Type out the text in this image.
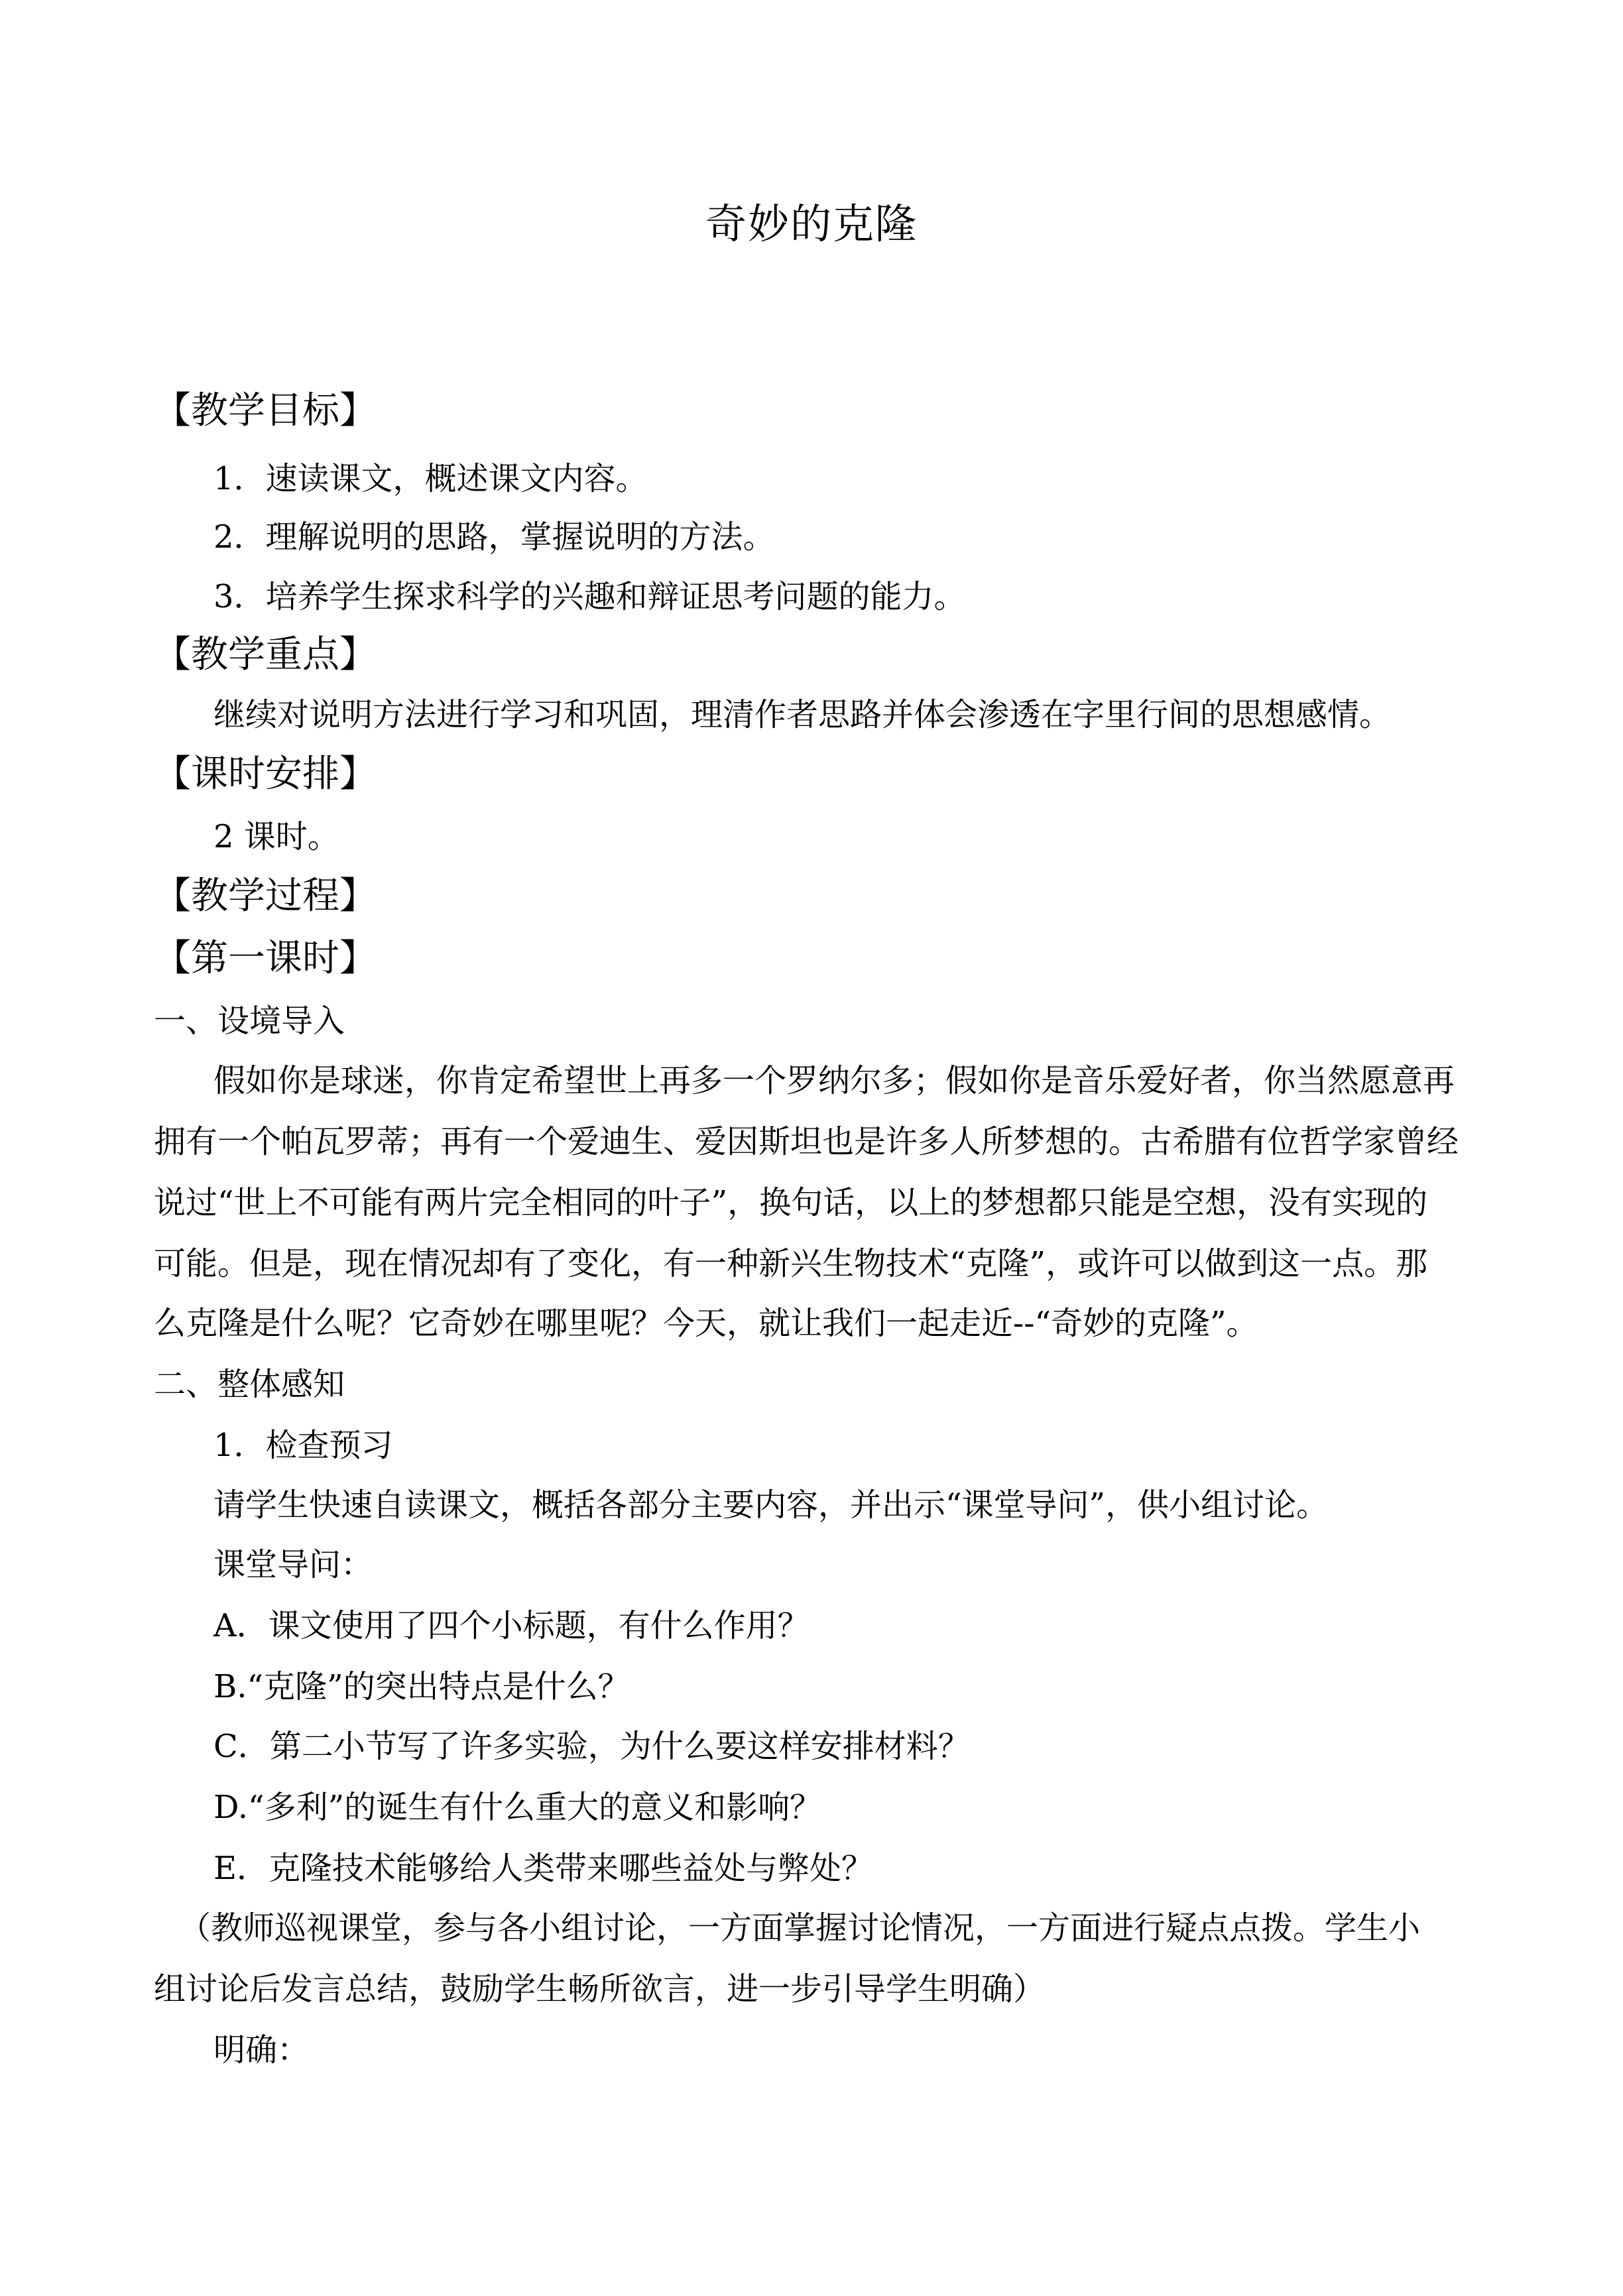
奇妙的克隆
【教学目标】
1．速读课文，概述课文内容。
2．理解说明的思路，掌握说明的方法。
3．培养学生探求科学的兴趣和辩证思考问题的能力。
【教学重点】
继续对说明方法进行学习和巩固，理清作者思路并体会渗透在字里行间的思想感情。
【课时安排】
2 课时。
【教学过程】
【第一课时】
一、设境导入
假如你是球迷，你肯定希望世上再多一个罗纳尔多；假如你是音乐爱好者，你当然愿意再
拥有一个帕瓦罗蒂；再有一个爱迪生、爱因斯坦也是许多人所梦想的。古希腊有位哲学家曾经
说过“世上不可能有两片完全相同的叶子”，换句话，以上的梦想都只能是空想，没有实现的
可能。但是，现在情况却有了变化，有一种新兴生物技术“克隆”，或许可以做到这一点。那
么克隆是什么呢？它奇妙在哪里呢？今天，就让我们一起走近--“奇妙的克隆”。
二、整体感知
1．检查预习
请学生快速自读课文，概括各部分主要内容，并出示“课堂导问”，供小组讨论。
课堂导问：
A．课文使用了四个小标题，有什么作用？
B.“克隆”的突出特点是什么？
C．第二小节写了许多实验，为什么要这样安排材料？
D.“多利”的诞生有什么重大的意义和影响？
E．克隆技术能够给人类带来哪些益处与弊处？
（教师巡视课堂，参与各小组讨论，一方面掌握讨论情况，一方面进行疑点点拨。学生小
组讨论后发言总结，鼓励学生畅所欲言，进一步引导学生明确）
明确：
